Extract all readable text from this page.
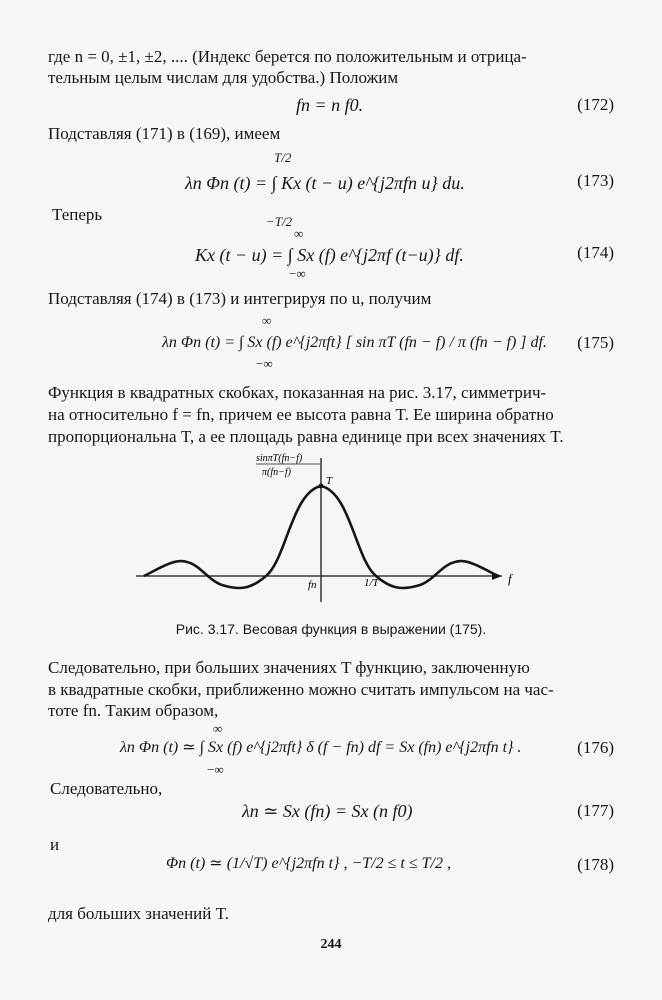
где n = 0, ±1, ±2, .... (Индекс берется по положительным и отрица-
тельным целым числам для удобства.) Положим
fn = n f0.	(172)
Подставляя (171) в (169), имеем
T/2
−T/2
λn Φn (t) = ∫ Kx (t − u) e^{j2πfn u} du.	(173)
Теперь
∞
−∞
Kx (t − u) = ∫ Sx (f) e^{j2πf (t−u)} df.	(174)
Подставляя (174) в (173) и интегрируя по u, получим
∞
−∞
λn Φn (t) = ∫ Sx (f) e^{j2πft} [ sin πT (fn − f) / π (fn − f) ] df. (175)
Функция в квадратных скобках, показанная на рис. 3.17, симметрич-
на относительно f = fn, причем ее высота равна T. Ее ширина обратно
пропорциональна T, а ее площадь равна единице при всех значениях T.
sinπT(fn−f)
π(fn−f)
T
fn	1/T	f
Рис. 3.17. Весовая функция в выражении (175).
Следовательно, при больших значениях T функцию, заключенную
в квадратные скобки, приближенно можно считать импульсом на час-
тоте fn. Таким образом,
∞
−∞
λn Φn (t) ≃ ∫ Sx (f) e^{j2πft} δ (f − fn) df = Sx (fn) e^{j2πfn t} .	(176)
Следовательно,
λn ≃ Sx (fn) = Sx (n f0)	(177)
и
Φn (t) ≃ (1/√T) e^{j2πfn t} , −T/2 ≤ t ≤ T/2 ,	(178)
для больших значений T.
244
